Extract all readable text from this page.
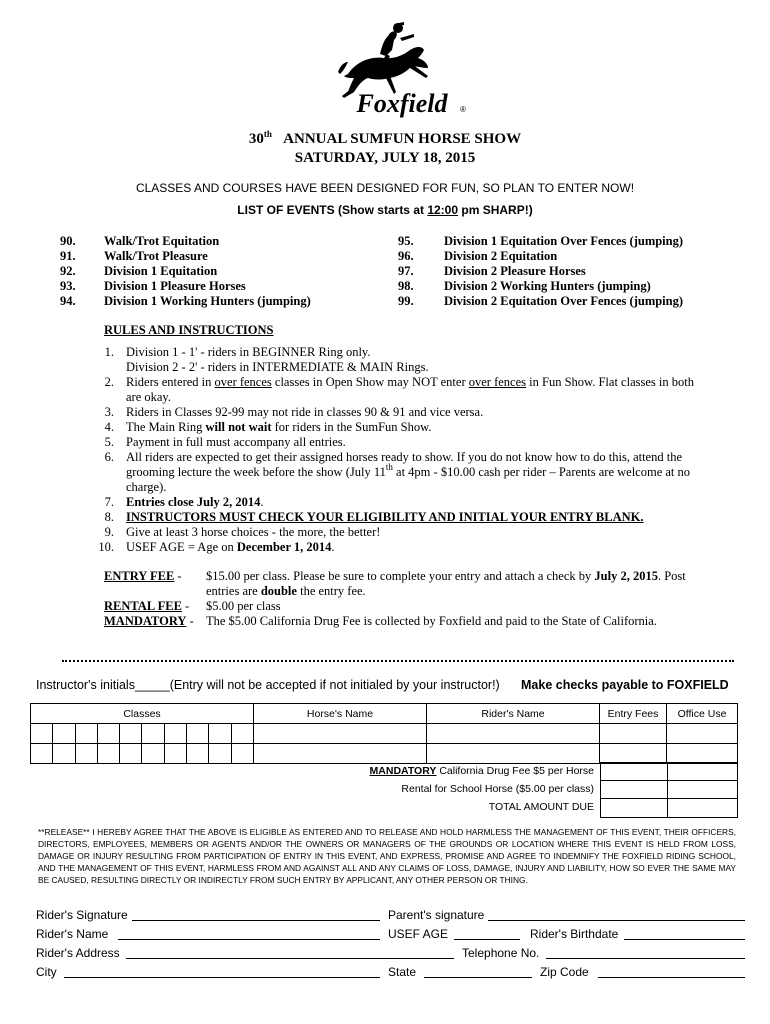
Foxfield ®
30th ANNUAL SUMFUN HORSE SHOW
SATURDAY, JULY 18, 2015
CLASSES AND COURSES HAVE BEEN DESIGNED FOR FUN, SO PLAN TO ENTER NOW!
LIST OF EVENTS (Show starts at 12:00 pm SHARP!)
90. Walk/Trot Equitation
91. Walk/Trot Pleasure
92. Division 1 Equitation
93. Division 1 Pleasure Horses
94. Division 1 Working Hunters (jumping)
95. Division 1 Equitation Over Fences (jumping)
96. Division 2 Equitation
97. Division 2 Pleasure Horses
98. Division 2 Working Hunters (jumping)
99. Division 2 Equitation Over Fences (jumping)
RULES AND INSTRUCTIONS
1. Division 1 - 1' - riders in BEGINNER Ring only.
Division 2 - 2' - riders in INTERMEDIATE & MAIN Rings.
2. Riders entered in over fences classes in Open Show may NOT enter over fences in Fun Show. Flat classes in both
are okay.
3. Riders in Classes 92-99 may not ride in classes 90 & 91 and vice versa.
4. The Main Ring will not wait for riders in the SumFun Show.
5. Payment in full must accompany all entries.
6. All riders are expected to get their assigned horses ready to show. If you do not know how to do this, attend the
grooming lecture the week before the show (July 11th at 4pm - $10.00 cash per rider – Parents are welcome at no
charge).
7. Entries close July 2, 2014.
8. INSTRUCTORS MUST CHECK YOUR ELIGIBILITY AND INITIAL YOUR ENTRY BLANK.
9. Give at least 3 horse choices - the more, the better!
10. USEF AGE = Age on December 1, 2014.
ENTRY FEE - $15.00 per class. Please be sure to complete your entry and attach a check by July 2, 2015. Post
entries are double the entry fee.
RENTAL FEE - $5.00 per class
MANDATORY - The $5.00 California Drug Fee is collected by Foxfield and paid to the State of California.
Instructor's initials_____(Entry will not be accepted if not initialed by your instructor!) Make checks payable to FOXFIELD
Classes										Horse's Name	Rider's Name	Entry Fees	Office Use

MANDATORY California Drug Fee $5 per Horse
Rental for School Horse ($5.00 per class)
TOTAL AMOUNT DUE
**RELEASE** I HEREBY AGREE THAT THE ABOVE IS ELIGIBLE AS ENTERED AND TO RELEASE AND HOLD HARMLESS THE MANAGEMENT OF THIS EVENT, THEIR OFFICERS, DIRECTORS, EMPLOYEES, MEMBERS OR AGENTS AND/OR THE OWNERS OR MANAGERS OF THE GROUNDS OR LOCATION WHERE THIS EVENT IS HELD FROM LOSS, DAMAGE OR INJURY RESULTING FROM PARTICIPATION OF ENTRY IN THIS EVENT, AND EXPRESS, PROMISE AND AGREE TO INDEMNIFY THE FOXFIELD RIDING SCHOOL, AND THE MANAGEMENT OF THIS EVENT, HARMLESS FROM AND AGAINST ALL AND ANY CLAIMS OF LOSS, DAMAGE, INJURY AND LIABILITY, HOW SO EVER THE SAME MAY BE CAUSED, RESULTING DIRECTLY OR INDIRECTLY FROM SUCH ENTRY BY APPLICANT, ANY OTHER PERSON OR THING.
Rider's Signature	Parent's signature
Rider's Name	USEF AGE	Rider's Birthdate
Rider's Address	Telephone No.
City	State	Zip Code
